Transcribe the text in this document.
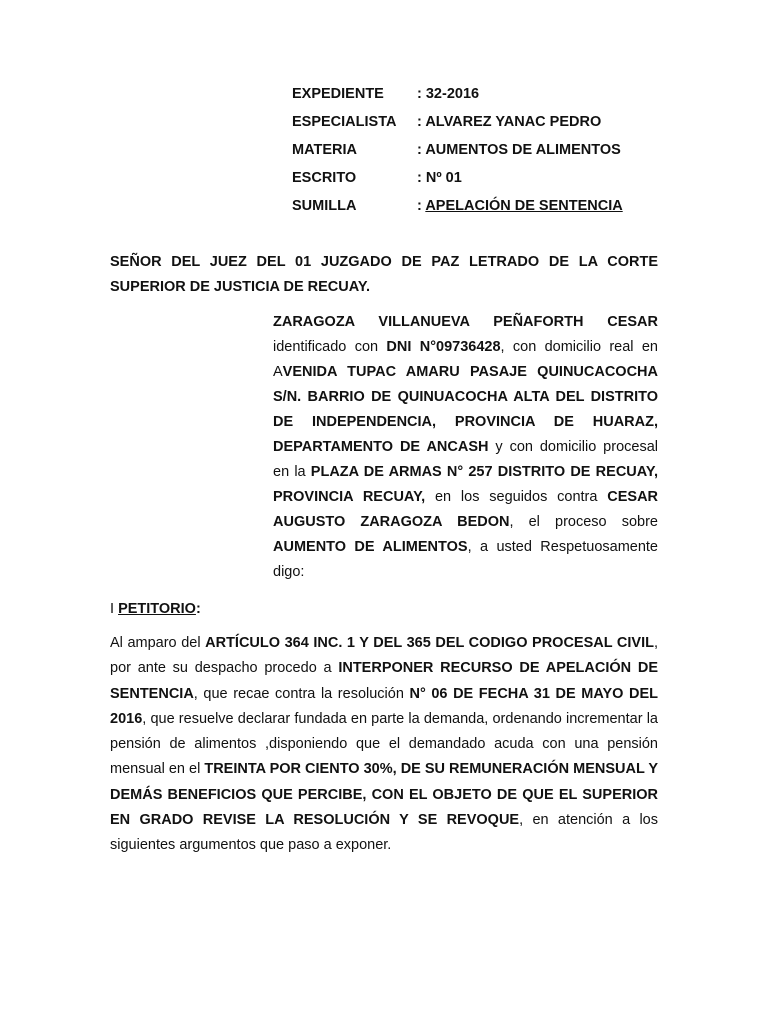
EXPEDIENTE	: 32-2016
ESPECIALISTA	: ALVAREZ YANAC PEDRO
MATERIA	: AUMENTOS DE ALIMENTOS
ESCRITO	: Nº 01
SUMILLA	: APELACIÓN DE SENTENCIA

SEÑOR DEL JUEZ DEL 01 JUZGADO DE PAZ LETRADO DE LA CORTE SUPERIOR DE JUSTICIA DE RECUAY.

ZARAGOZA VILLANUEVA PEÑAFORTH CESAR identificado con DNI N°09736428, con domicilio real en AVENIDA TUPAC AMARU PASAJE QUINUCACOCHA S/N. BARRIO DE QUINUACOCHA ALTA DEL DISTRITO DE INDEPENDENCIA, PROVINCIA DE HUARAZ, DEPARTAMENTO DE ANCASH y con domicilio procesal en la PLAZA DE ARMAS N° 257 DISTRITO DE RECUAY, PROVINCIA RECUAY, en los seguidos contra CESAR AUGUSTO ZARAGOZA BEDON, el proceso sobre AUMENTO DE ALIMENTOS, a usted Respetuosamente digo:

I PETITORIO:

Al amparo del ARTÍCULO 364 INC. 1 Y DEL 365 DEL CODIGO PROCESAL CIVIL, por ante su despacho procedo a INTERPONER RECURSO DE APELACIÓN DE SENTENCIA, que recae contra la resolución N° 06 DE FECHA 31 DE MAYO DEL 2016, que resuelve declarar fundada en parte la demanda, ordenando incrementar la pensión de alimentos ,disponiendo que el demandado acuda con una pensión mensual en el TREINTA POR CIENTO 30%, DE SU REMUNERACIÓN MENSUAL Y DEMÁS BENEFICIOS QUE PERCIBE, CON EL OBJETO DE QUE EL SUPERIOR EN GRADO REVISE LA RESOLUCIÓN Y SE REVOQUE, en atención a los siguientes argumentos que paso a exponer.
